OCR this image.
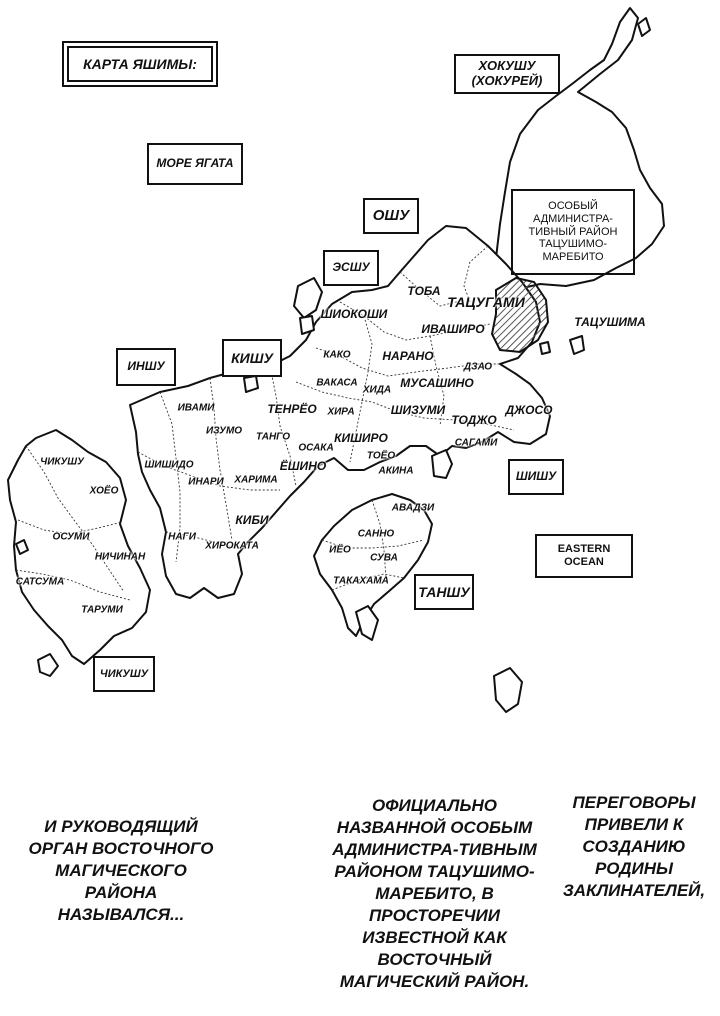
КАРТА ЯШИМЫ:	ХОКУШУ (ХОКУРЕЙ)
МОРЕ ЯГАТА
ОСОБЫЙ АДМИНИСТРА-ТИВНЫЙ РАЙОН ТАЦУШИМО-МАРЕБИТО
ОШУ
ЭСШУ
ИНШУ
КИШУ
ШИШУ
EASTERN OCEAN
ТАНШУ
ЧИКУШУ
ТОБА
ТАЦУГАМИ
ТАЦУШИМА
ШИОКОШИ
ИВАШИРО
КАКО	НАРАНО
ДЗАО
ВАКАСА
ХИДА МУСАШИНО
ИВАМИ	ТЕНРЁО ХИРА	ШИЗУМИ
ТОДЖО
ДЖОСО
ИЗУМО
ТАНГО	КИШИРО	САГАМИ
ОСАКА
ЧИКУШУ	ШИШИДО	ЁШИНО
ТОЁО
ИНАРИ ХАРИМА
АКИНА
ХОЁО
АВАДЗИ
КИБИ
ОСУМИ	НАГИ	САННО
ХИРОКАТА	ИЁО
НИЧИНАН	СУВА
САТСУМА	ТАКАХАМА
ТАРУМИ
И РУКОВОДЯЩИЙ ОРГАН ВОСТОЧНОГО МАГИЧЕСКОГО РАЙОНА НАЗЫВАЛСЯ...
ОФИЦИАЛЬНО НАЗВАННОЙ ОСОБЫМ АДМИНИСТРА-ТИВНЫМ РАЙОНОМ ТАЦУШИМО-МАРЕБИТО, В ПРОСТОРЕЧИИ ИЗВЕСТНОЙ КАК ВОСТОЧНЫЙ МАГИЧЕСКИЙ РАЙОН.
ПЕРЕГОВОРЫ ПРИВЕЛИ К СОЗДАНИЮ РОДИНЫ ЗАКЛИНАТЕЛЕЙ,
